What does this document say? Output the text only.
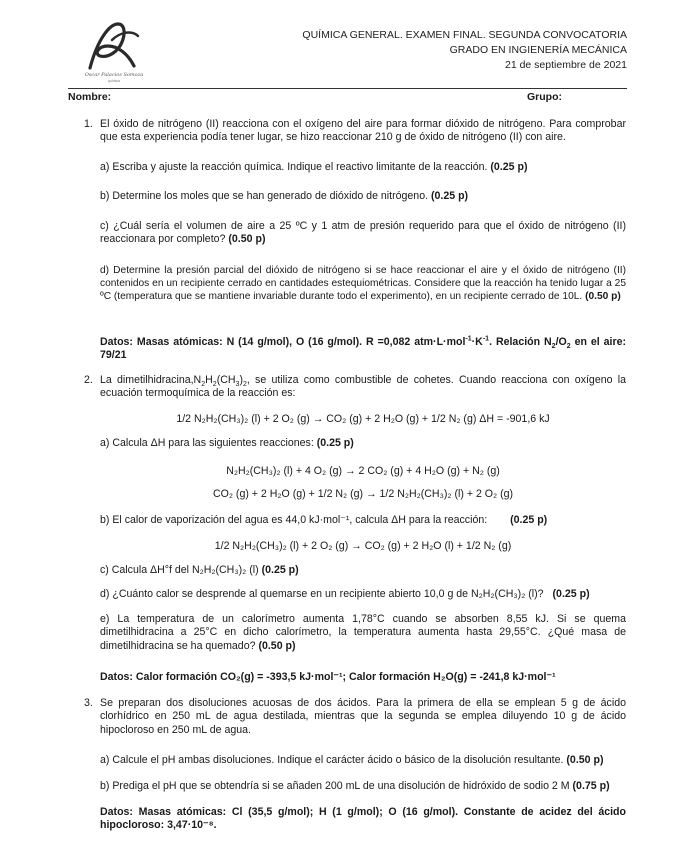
Oscar Palacios Somoza
química
QUÍMICA GENERAL. EXAMEN FINAL. SEGUNDA CONVOCATORIA
GRADO EN INGIENERÍA MECÁNICA
21 de septiembre de 2021
Nombre:	Grupo:
1. El óxido de nitrógeno (II) reacciona con el oxígeno del aire para formar dióxido de nitrógeno. Para comprobar que esta experiencia podía tener lugar, se hizo reaccionar 210 g de óxido de nitrógeno (II) con aire.
a) Escriba y ajuste la reacción química. Indique el reactivo limitante de la reacción. (0.25 p)
b) Determine los moles que se han generado de dióxido de nitrógeno. (0.25 p)
c) ¿Cuál sería el volumen de aire a 25 ºC y 1 atm de presión requerido para que el óxido de nitrógeno (II) reaccionara por completo? (0.50 p)
d) Determine la presión parcial del dióxido de nitrógeno si se hace reaccionar el aire y el óxido de nitrógeno (II) contenidos en un recipiente cerrado en cantidades estequiométricas. Considere que la reacción ha tenido lugar a 25 ºC (temperatura que se mantiene invariable durante todo el experimento), en un recipiente cerrado de 10L. (0.50 p)
Datos: Masas atómicas: N (14 g/mol), O (16 g/mol). R =0,082 $atm\cdot L\cdot mol^{-1}\cdot K^{-1}$. Relación $N_2/O_2$ en el aire: 79/21
2. La $dimetilhidracina,N_2H_2(CH_3)_2$, se utiliza como combustible de cohetes. Cuando reacciona con oxígeno la ecuación termoquímica de la reacción es:
1/2 N₂H₂(CH₃)₂ (l) + 2 O₂ (g) → CO₂ (g) + 2 H₂O (g) + 1/2 N₂ (g) ΔH = -901,6 kJ
a) Calcula ΔH para las siguientes reacciones: (0.25 p)
N₂H₂(CH₃)₂ (l) + 4 O₂ (g) → 2 CO₂ (g) + 4 H₂O (g) + N₂ (g)
CO₂ (g) + 2 H₂O (g) + 1/2 N₂ (g) → 1/2 N₂H₂(CH₃)₂ (l) + 2 O₂ (g)
b) El calor de vaporización del agua es 44,0 kJ·mol⁻¹, calcula ΔH para la reacción: (0.25 p)
1/2 N₂H₂(CH₃)₂ (l) + 2 O₂ (g) → CO₂ (g) + 2 H₂O (l) + 1/2 N₂ (g)
c) Calcula ΔH°f del N₂H₂(CH₃)₂ (l) (0.25 p)
d) ¿Cuánto calor se desprende al quemarse en un recipiente abierto 10,0 g de N₂H₂(CH₃)₂ (l)? (0.25 p)
e) La temperatura de un calorímetro aumenta 1,78°C cuando se absorben 8,55 kJ. Si se quema dimetilhidracina a 25°C en dicho calorímetro, la temperatura aumenta hasta 29,55°C. ¿Qué masa de dimetilhidracina se ha quemado? (0.50 p)
Datos: Calor formación CO₂(g) = -393,5 kJ·mol⁻¹; Calor formación H₂O(g) = -241,8 kJ·mol⁻¹
3. Se preparan dos disoluciones acuosas de dos ácidos. Para la primera de ella se emplean 5 g de ácido clorhídrico en 250 mL de agua destilada, mientras que la segunda se emplea diluyendo 10 g de ácido hipocloroso en 250 mL de agua.
a) Calcule el pH ambas disoluciones. Indique el carácter ácido o básico de la disolución resultante. (0.50 p)
b) Prediga el pH que se obtendría si se añaden 200 mL de una disolución de hidróxido de sodio 2 M (0.75 p)
Datos: Masas atómicas: Cl (35,5 g/mol); H (1 g/mol); O (16 g/mol). Constante de acidez del ácido hipocloroso: 3,47·10⁻⁸.
